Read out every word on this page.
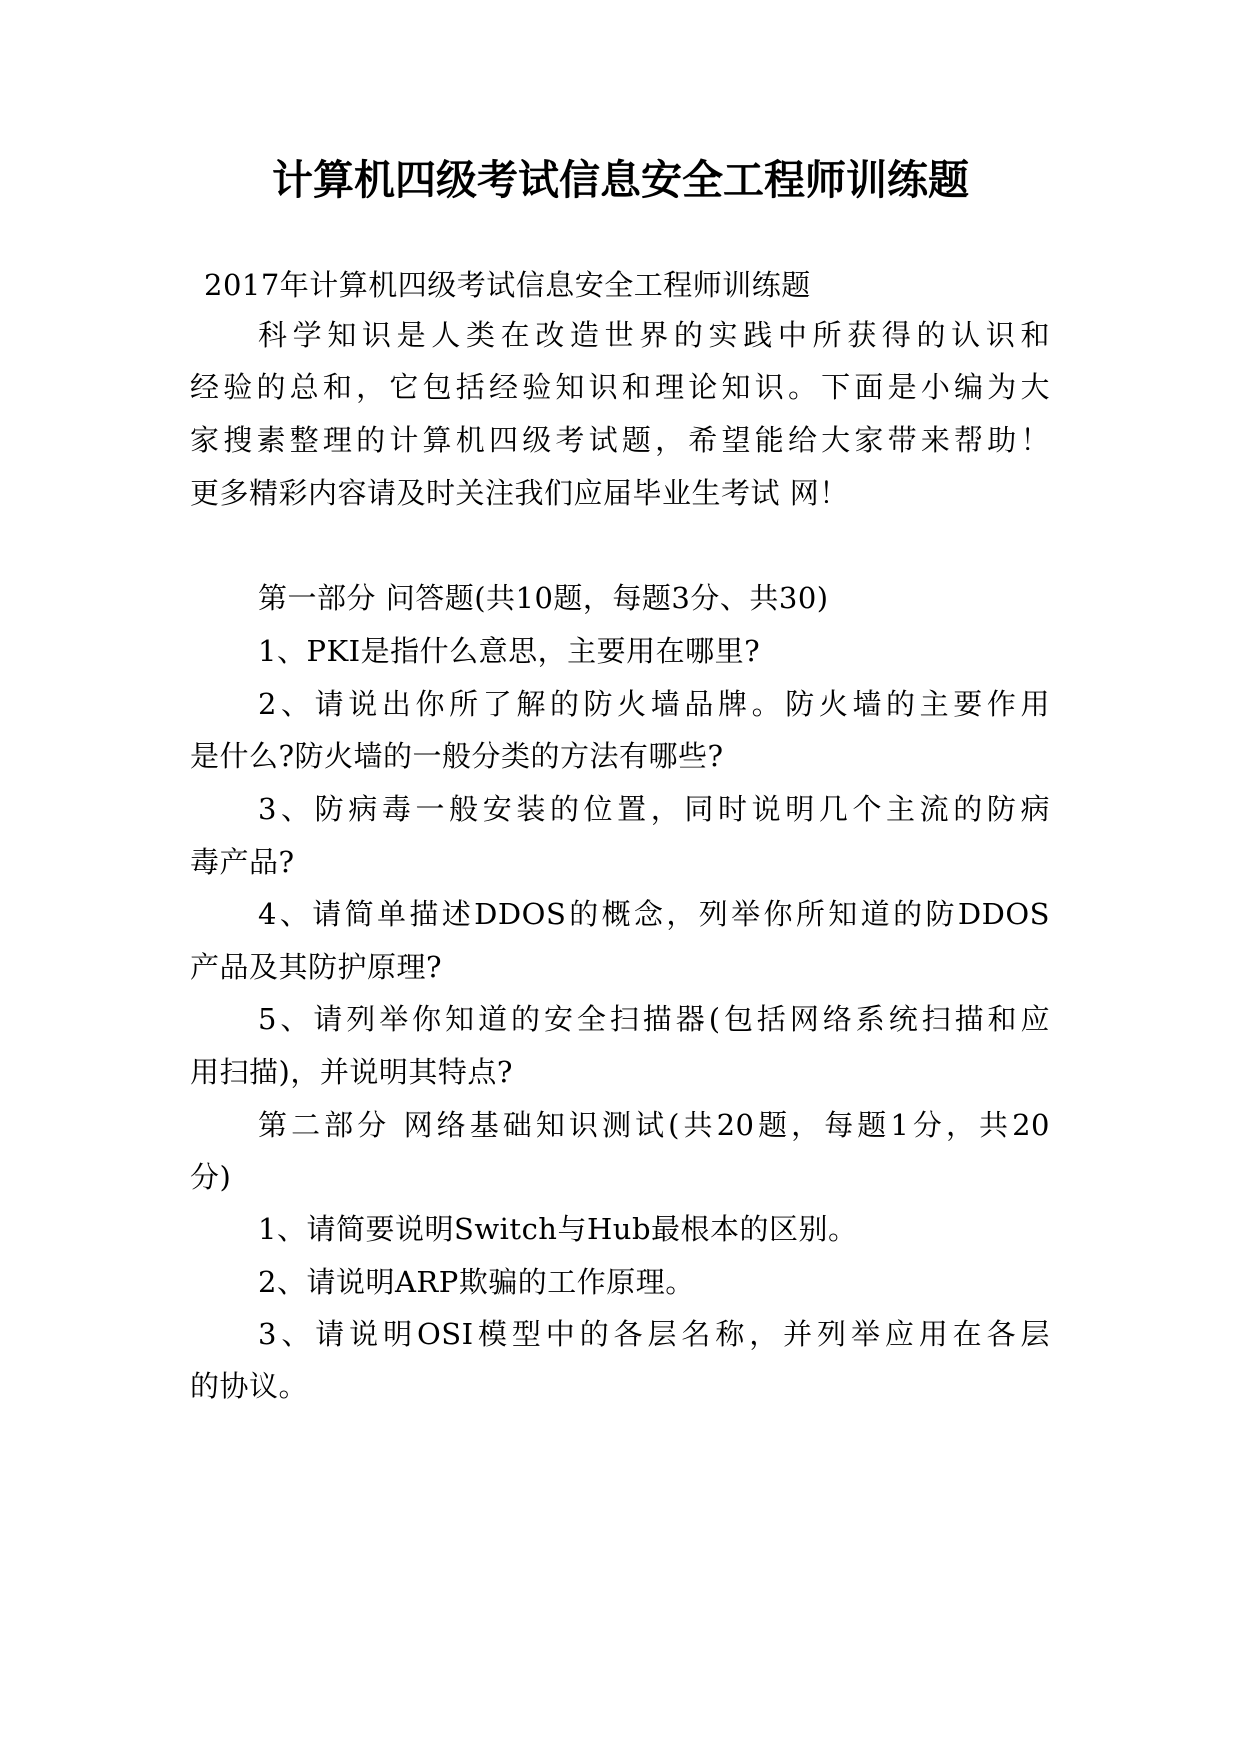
计算机四级考试信息安全工程师训练题
2017年计算机四级考试信息安全工程师训练题
科学知识是人类在改造世界的实践中所获得的认识和
经验的总和，它包括经验知识和理论知识。下面是小编为大
家搜素整理的计算机四级考试题，希望能给大家带来帮助！
更多精彩内容请及时关注我们应届毕业生考试 网！
第一部分 问答题(共10题，每题3分、共30)
1、PKI是指什么意思，主要用在哪里?
2、请说出你所了解的防火墙品牌。防火墙的主要作用
是什么?防火墙的一般分类的方法有哪些?
3、防病毒一般安装的位置，同时说明几个主流的防病
毒产品?
4、请简单描述DDOS的概念，列举你所知道的防DDOS
产品及其防护原理?
5、请列举你知道的安全扫描器(包括网络系统扫描和应
用扫描)，并说明其特点?
第二部分 网络基础知识测试(共20题，每题1分，共20
分)
1、请简要说明Switch与Hub最根本的区别。
2、请说明ARP欺骗的工作原理。
3、请说明OSI模型中的各层名称，并列举应用在各层
的协议。
